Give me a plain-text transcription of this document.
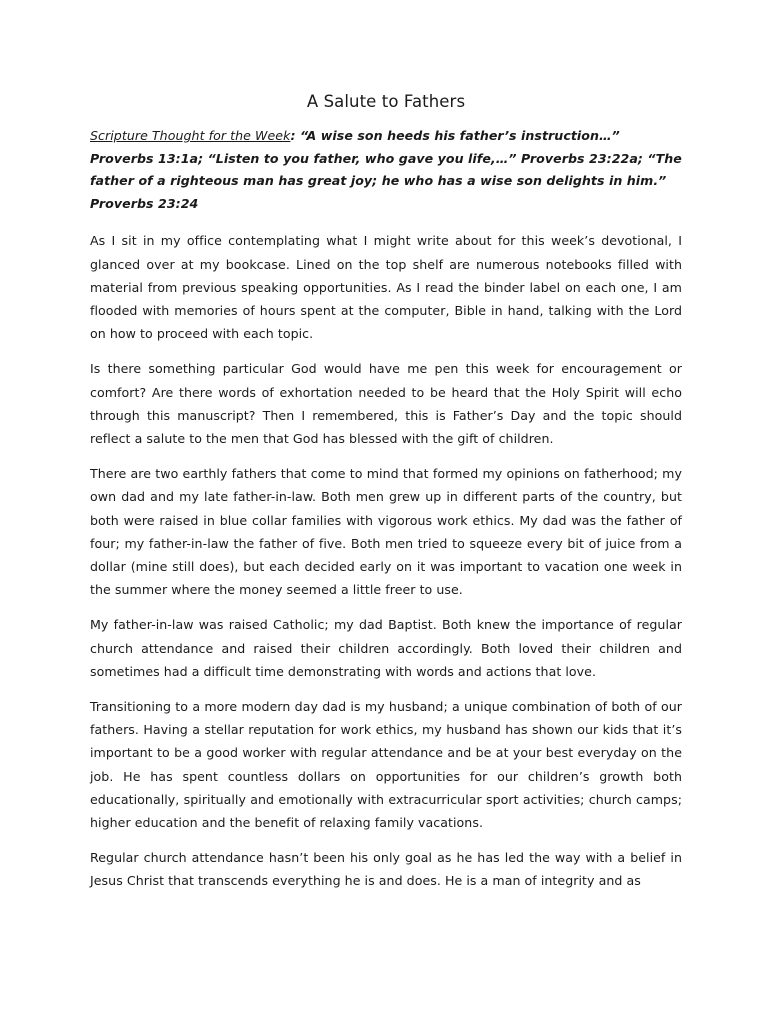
A Salute to Fathers

Scripture Thought for the Week: “A wise son heeds his father’s instruction…” Proverbs 13:1a; “Listen to you father, who gave you life,…” Proverbs 23:22a; “The father of a righteous man has great joy; he who has a wise son delights in him.” Proverbs 23:24

As I sit in my office contemplating what I might write about for this week’s devotional, I glanced over at my bookcase. Lined on the top shelf are numerous notebooks filled with material from previous speaking opportunities. As I read the binder label on each one, I am flooded with memories of hours spent at the computer, Bible in hand, talking with the Lord on how to proceed with each topic.

Is there something particular God would have me pen this week for encouragement or comfort? Are there words of exhortation needed to be heard that the Holy Spirit will echo through this manuscript? Then I remembered, this is Father’s Day and the topic should reflect a salute to the men that God has blessed with the gift of children.

There are two earthly fathers that come to mind that formed my opinions on fatherhood; my own dad and my late father-in-law. Both men grew up in different parts of the country, but both were raised in blue collar families with vigorous work ethics. My dad was the father of four; my father-in-law the father of five. Both men tried to squeeze every bit of juice from a dollar (mine still does), but each decided early on it was important to vacation one week in the summer where the money seemed a little freer to use.

My father-in-law was raised Catholic; my dad Baptist. Both knew the importance of regular church attendance and raised their children accordingly. Both loved their children and sometimes had a difficult time demonstrating with words and actions that love.

Transitioning to a more modern day dad is my husband; a unique combination of both of our fathers. Having a stellar reputation for work ethics, my husband has shown our kids that it’s important to be a good worker with regular attendance and be at your best everyday on the job. He has spent countless dollars on opportunities for our children’s growth both educationally, spiritually and emotionally with extracurricular sport activities; church camps; higher education and the benefit of relaxing family vacations.

Regular church attendance hasn’t been his only goal as he has led the way with a belief in Jesus Christ that transcends everything he is and does. He is a man of integrity and as
